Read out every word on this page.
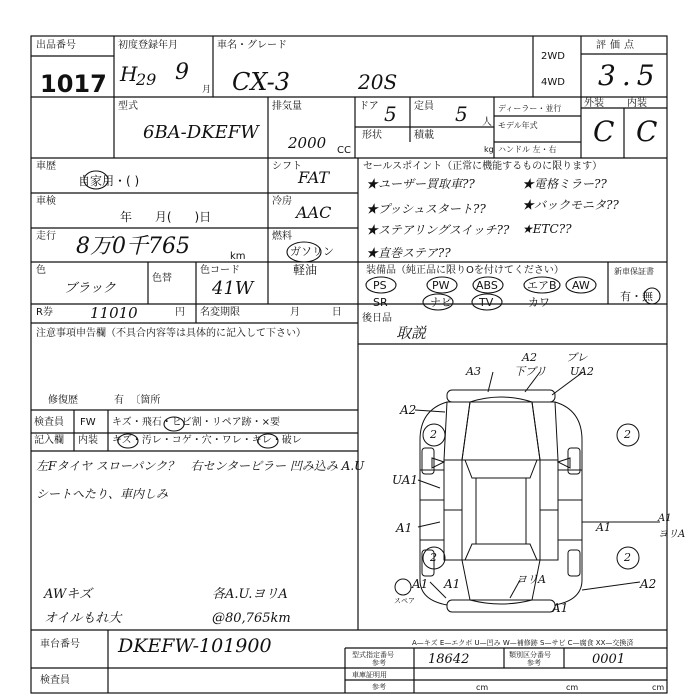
出品番号
1017
初度登録年月
H
29 9
月
車名・グレード
CX-3	20S
2WD
4WD
評価点
3.5
型式
6BA-DKEFW
排気量
2000 CC
ドア 5
形状
定員 5 人
積載
kg
ディーラー・並行
モデル年式
ハンドル 左・右
外装 内装
C C
車歴
自家用・( )
シフト
FAT
車検
年      月(      )日
冷房
AAC
走行 8万0千765	km
燃料
ガソリン
軽油
色
ブラック
色替
色コード
41W
R券 11010	円 名変期限	月          日
セールスポイント（正常に機能するものに限ります）
★ユーザー買取車??	★電格ミラー??
★プッシュスタート??	★バックモニタ??
★ステアリングスイッチ?? ★ETC??
★直巻ステア??
装備品（純正品に限りOを付けてください）
PS	PW ABS	エアB AW
SR	ナビ TV	カワ
新車保証書
有・無
注意事項申告欄（不具合内容等は具体的に記入して下さい）
修復歴	有  〔箇所
後日品
取説
検査員
記入欄
FW キズ・飛石・ヒビ割・リペア跡・×要
内装 キズ・汚レ・コゲ・穴・ワレ・キレ・破レ
左Fタイヤ スローパンク？   右センターピラー 凹み込み A.U
シートへたり、車内しみ
AWキズ	各A.U.ヨリA
オイルもれ大	@80,765km
A2	ブレ
A3	下ブリ UA2
A2
2	2
UA1
A1
A1
A1
ヨリA
2	2
A1 A1	ヨリA	A2
A1
スペア
A—キズ E—エクボ U—凹み W—補修跡 S—サビ C—腐食 XX—交換済
車台番号 DKEFW-101900
検査員
型式指定番号
参考	18642	類別区分番号
参考	0001
車庫証明用
参考	cm	cm	cm
